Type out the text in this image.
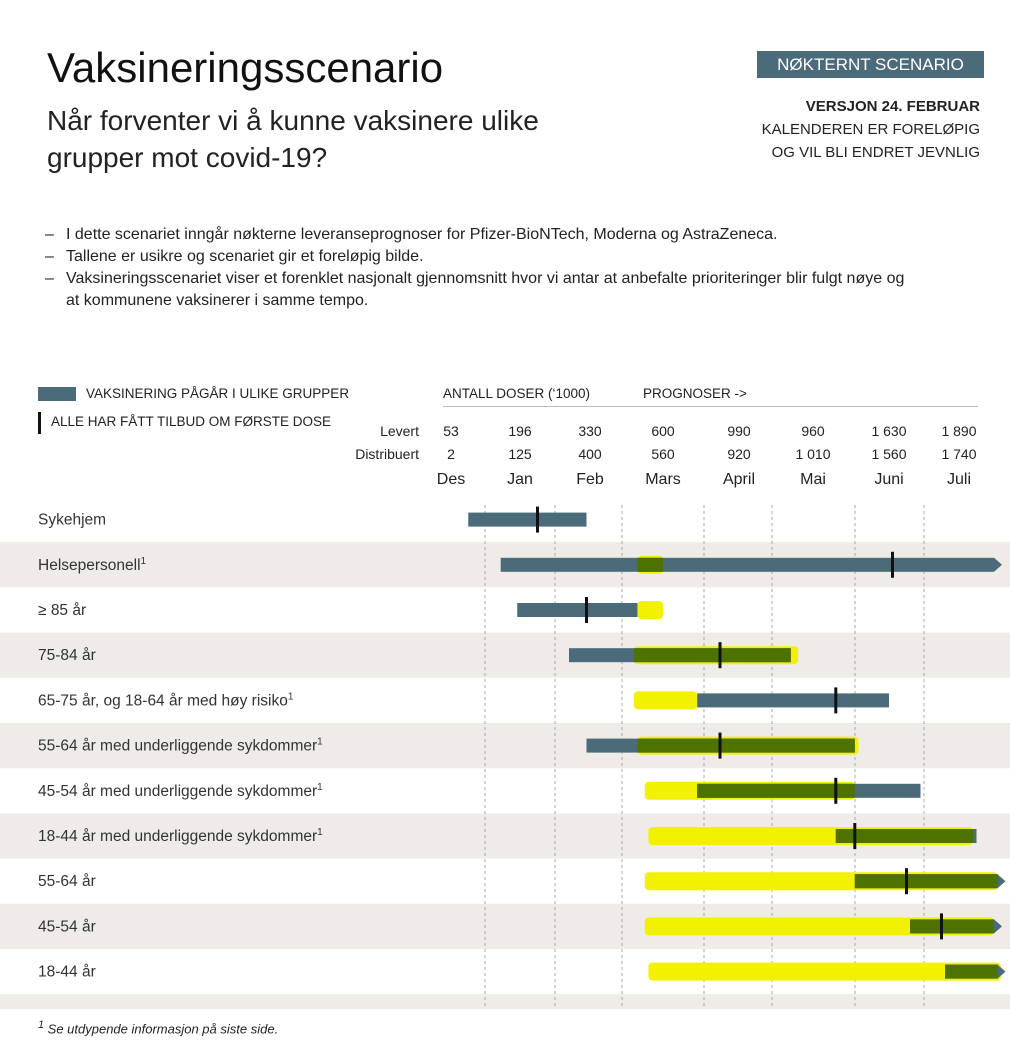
Vaksineringsscenario
Når forventer vi å kunne vaksinere ulike grupper mot covid-19?
NØKTERNT SCENARIO
VERSJON 24. FEBRUAR
KALENDEREN ER FORELØPIG
OG VIL BLI ENDRET JEVNLIG
– I dette scenariet inngår nøkterne leveranseprognoser for Pfizer-BioNTech, Moderna og AstraZeneca.
– Tallene er usikre og scenariet gir et foreløpig bilde.
– Vaksineringsscenariet viser et forenklet nasjonalt gjennomsnitt hvor vi antar at anbefalte prioriteringer blir fulgt nøye og at kommunene vaksinerer i samme tempo.
VAKSINERING PÅGÅR I ULIKE GRUPPER
ALLE HAR FÅTT TILBUD OM FØRSTE DOSE
ANTALL DOSER (‘1000)	PROGNOSER ->
Levert
Distribuert
53
2
Des
196
125
Jan
330
400
Feb
600
560
Mars
990
920
April
960
1 010
Mai
1 630
1 560
Juni
1 890
1 740
Juli
Sykehjem
Helsepersonell$^1$
≥ 85 år
75-84 år
65-75 år, og 18-64 år med høy risiko$^1$
55-64 år med underliggende sykdommer$^1$
45-54 år med underliggende sykdommer$^1$
18-44 år med underliggende sykdommer$^1$
55-64 år
45-54 år
18-44 år
$^1$ Se utdypende informasjon på siste side.
